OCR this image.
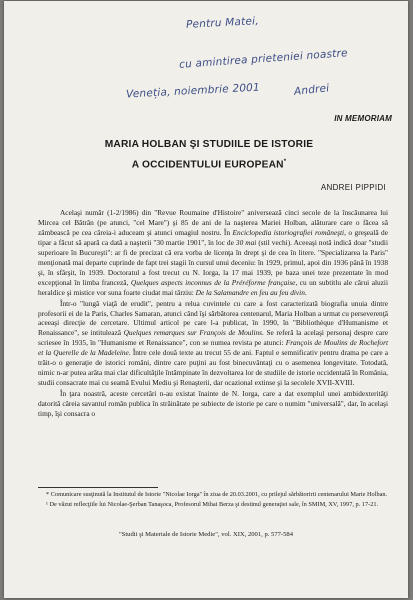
Pentru Matei,
cu amintirea prieteniei noastre
Veneția, noiembrie 2001	Andrei
IN MEMORIAM
MARIA HOLBAN ŞI STUDIILE DE ISTORIE
A OCCIDENTULUI EUROPEAN*
ANDREI PIPPIDI

Acelaşi număr (1-2/1986) din "Revue Roumaine d'Histoire" aniversează cinci secole de la înscăunarea lui Mircea cel Bătrân (pe atunci, "cel Mare") şi 85 de ani de la naşterea Mariei Holban, alăturare care o făcea să zâmbească pe cea căreia-i aduceam şi atunci omagiul nostru. În Enciclopedia istoriografiei româneşti, o greşeală de tipar a făcut să apară ca dată a naşterii "30 martie 1901", în loc de 30 mai (stil vechi). Aceeaşi notă indică doar "studii superioare în Bucureşti": ar fi de precizat că era vorba de licenţa în drept şi de cea în litere. "Specializarea la Paris" menţionată mai departe cuprinde de fapt trei stagii în cursul unui deceniu: în 1929, primul, apoi din 1936 până în 1938 şi, în sfârşit, în 1939. Doctoratul a fost trecut cu N. Iorga, la 17 mai 1939, pe baza unei teze prezentate în mod excepţional în limba franceză, Quelques aspects inconnus de la Préréforme française, cu un subtitlu ale cărui aluzii heraldice şi mistice vor suna foarte ciudat mai târziu: De la Salamandre en feu au feu divin.

Într-o "lungă viaţă de erudit", pentru a relua cuvintele cu care a fost caracterizată biografia unuia dintre profesorii ei de la Paris, Charles Samaran, atunci când îşi sărbătorea centenarul, Maria Holban a urmat cu perseverenţă aceeaşi direcţie de cercetare. Ultimul articol pe care l-a publicat, în 1990, în "Bibliothèque d'Humanisme et Renaissance", se intitulează Quelques remarques sur François de Moulins. Se referă la acelaşi personaj despre care scriesee în 1935, în "Humanisme et Renaissance", con se numea revista pe atunci: François de Moulins de Rochefort et la Querelle de la Madeleine. Între cele două texte au trecut 55 de ani. Faptul e semnificativ pentru drama pe care a trăit-o o generaţie de istorici români, dintre care puţini au fost binecuvântaţi cu o asemenea longevitate. Totodată, nimic n-ar putea arăta mai clar dificultăţile întâmpinate în dezvoltarea lor de studiile de istorie occidentală în România, studii consacrate mai cu seamă Evului Mediu şi Renaşterii, dar ocazional extinse şi la secolele XVII-XVIII.

În ţara noastră, aceste cercetări n-au existat înainte de N. Iorga, care a dat exemplul unei ambidexterităţi datorită căreia savantul român publica în străinătate pe subiecte de istorie pe care o numim "universală", dar, în acelaşi timp, îşi consacra o

* Comunicare susţinută la Institutul de Istorie "Nicolae Iorga" în ziua de 20.03.2001, cu prilejul sărbătoririi centenarului Marie Holban.

¹ De văzut reflecţiile lui Nicolae-Şerban Tanaşoca, Profesorul Mihai Berza şi destinul generaţiei sale, în SMIM, XV, 1997, p. 17-21.

"Studii şi Materiale de Istorie Medie", vol. XIX, 2001, p. 577-584
